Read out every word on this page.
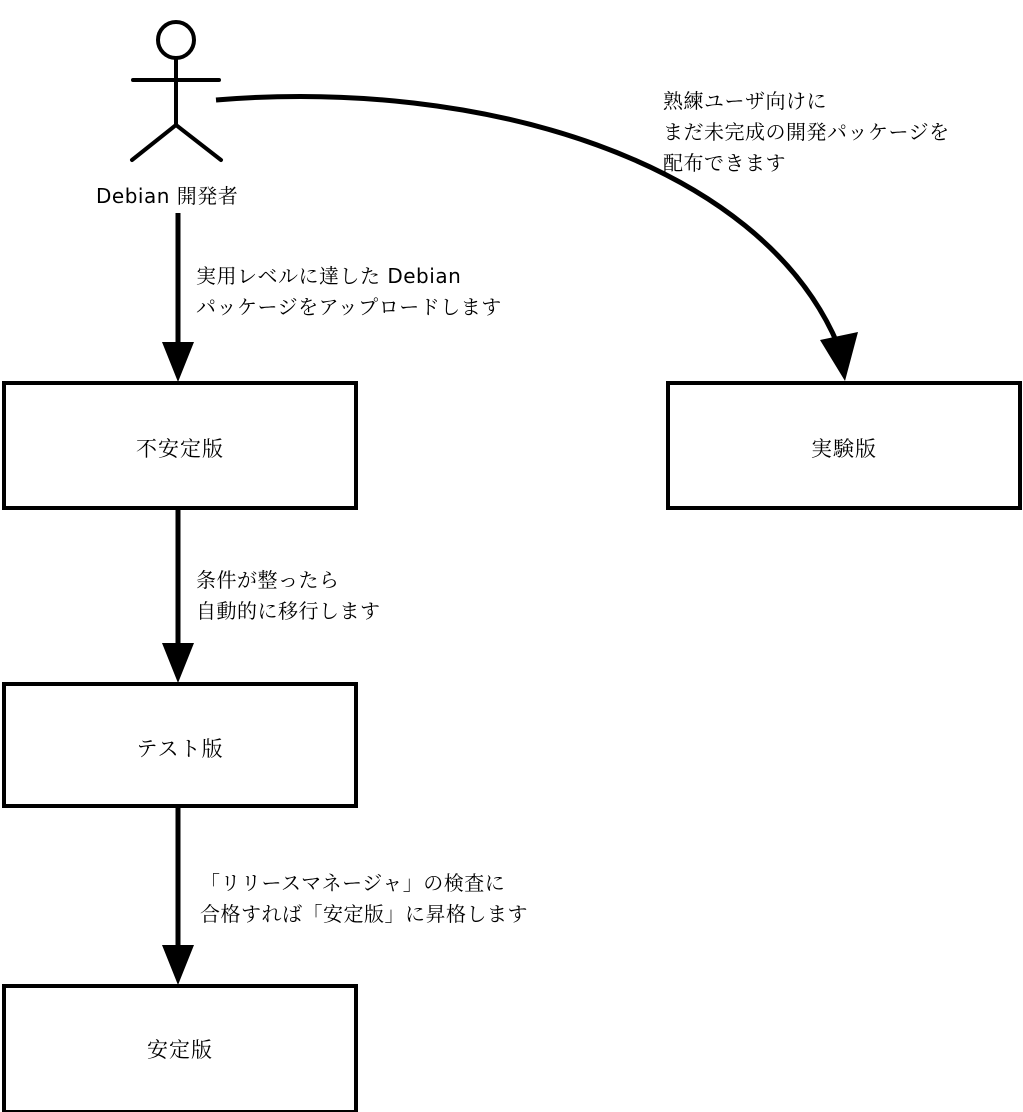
Debian 開発者
熟練ユーザ向けに
まだ未完成の開発パッケージを
配布できます
実用レベルに達した Debian
パッケージをアップロードします
条件が整ったら
自動的に移行します
「リリースマネージャ」の検査に
合格すれば「安定版」に昇格します
不安定版	実験版
テスト版
安定版
